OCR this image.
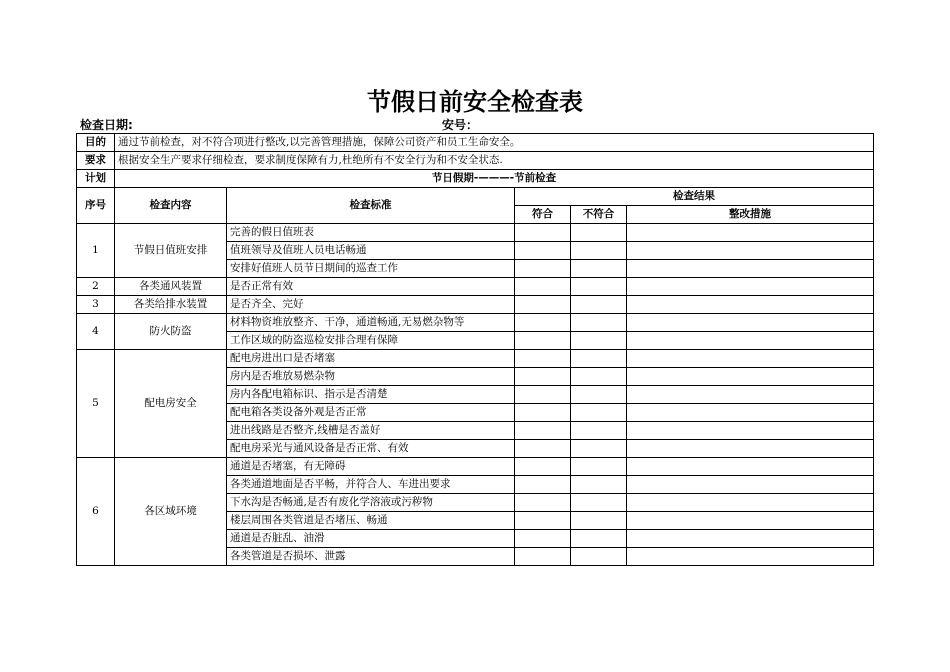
节假日前安全检查表
检查日期:	安号：
目的	通过节前检查，对不符合项进行整改,以完善管理措施，保障公司资产和员工生命安全。				
要求	根据安全生产要求仔细检查，要求制度保障有力,杜绝所有不安全行为和不安全状态.				
计划	节日假期-———-节前检查				
序号	检查内容	检查标准	检查结果		
			符合	不符合	整改措施
1	节假日值班安排	完善的假日值班表			
		值班领导及值班人员电话畅通			
		安排好值班人员节日期间的巡查工作			
2	各类通风装置	是否正常有效			
3	各类给排水装置	是否齐全、完好			
4	防火防盗	材料物资堆放整齐、干净，通道畅通,无易燃杂物等			
		工作区域的防盗巡检安排合理有保障			
5	配电房安全	配电房进出口是否堵塞			
		房内是否堆放易燃杂物			
		房内各配电箱标识、指示是否清楚			
		配电箱各类设备外观是否正常			
		进出线路是否整齐,线槽是否盖好			
		配电房采光与通风设备是否正常、有效			
6	各区域环境	通道是否堵塞，有无障碍			
		各类通道地面是否平畅，并符合人、车进出要求			
		下水沟是否畅通,是否有废化学溶液或污秽物			
		楼层周围各类管道是否堵压、畅通			
		通道是否脏乱、油滑			
		各类管道是否损坏、泄露			
